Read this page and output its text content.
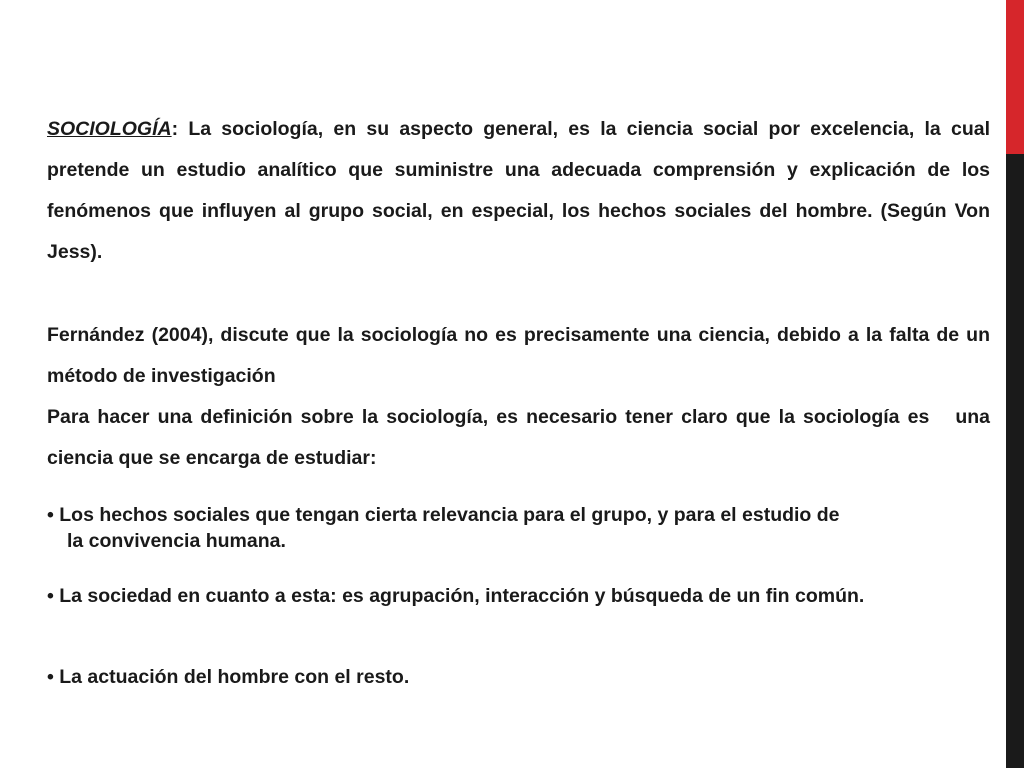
SOCIOLOGÍA: La sociología, en su aspecto general, es la ciencia social por excelencia, la cual pretende un estudio analítico que suministre una adecuada comprensión y explicación de los fenómenos que influyen al grupo social, en especial, los hechos sociales del hombre. (Según Von Jess).

Fernández (2004), discute que la sociología no es precisamente una ciencia, debido a la falta de un método de investigación

Para hacer una definición sobre la sociología, es necesario tener claro que la sociología es una ciencia que se encarga de estudiar:

• Los hechos sociales que tengan cierta relevancia para el grupo, y para el estudio de
la convivencia humana.

• La sociedad en cuanto a esta: es agrupación, interacción y búsqueda de un fin común.

• La actuación del hombre con el resto.
